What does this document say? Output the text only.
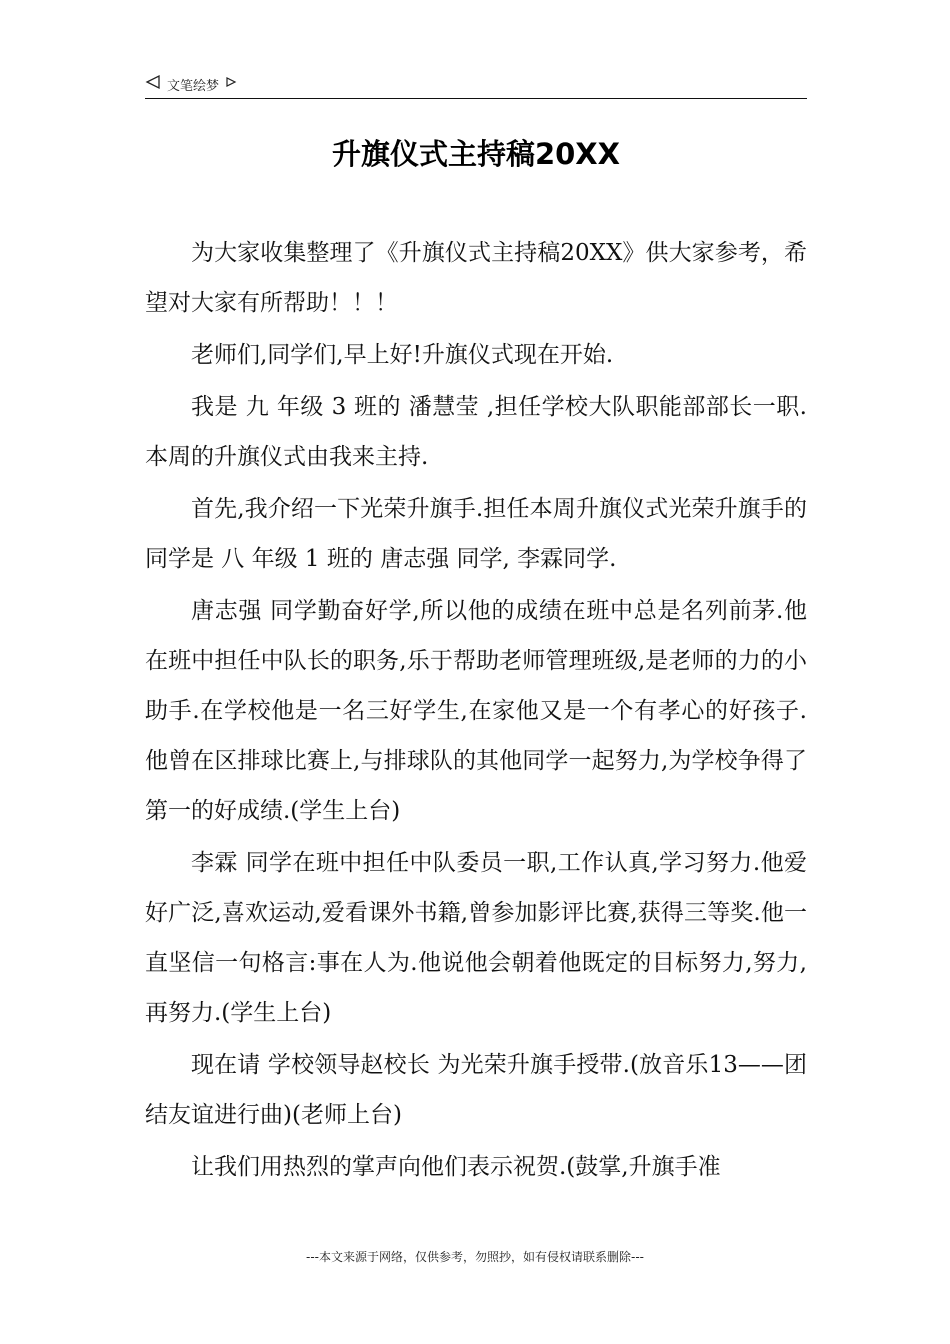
文笔绘梦
升旗仪式主持稿20XX

为大家收集整理了《升旗仪式主持稿20XX》供大家参考，希望对大家有所帮助！！！

老师们,同学们,早上好!升旗仪式现在开始.

我是 九 年级 3 班的 潘慧莹 ,担任学校大队职能部部长一职.本周的升旗仪式由我来主持.

首先,我介绍一下光荣升旗手.担任本周升旗仪式光荣升旗手的同学是 八 年级 1 班的 唐志强 同学, 李霖同学.

唐志强 同学勤奋好学,所以他的成绩在班中总是名列前茅.他在班中担任中队长的职务,乐于帮助老师管理班级,是老师的力的小助手.在学校他是一名三好学生,在家他又是一个有孝心的好孩子.他曾在区排球比赛上,与排球队的其他同学一起努力,为学校争得了第一的好成绩.(学生上台)

李霖 同学在班中担任中队委员一职,工作认真,学习努力.他爱好广泛,喜欢运动,爱看课外书籍,曾参加影评比赛,获得三等奖.他一直坚信一句格言:事在人为.他说他会朝着他既定的目标努力,努力,再努力.(学生上台)

现在请 学校领导赵校长 为光荣升旗手授带.(放音乐13——团结友谊进行曲)(老师上台)

让我们用热烈的掌声向他们表示祝贺.(鼓掌,升旗手准

---本文来源于网络，仅供参考，勿照抄，如有侵权请联系删除---
